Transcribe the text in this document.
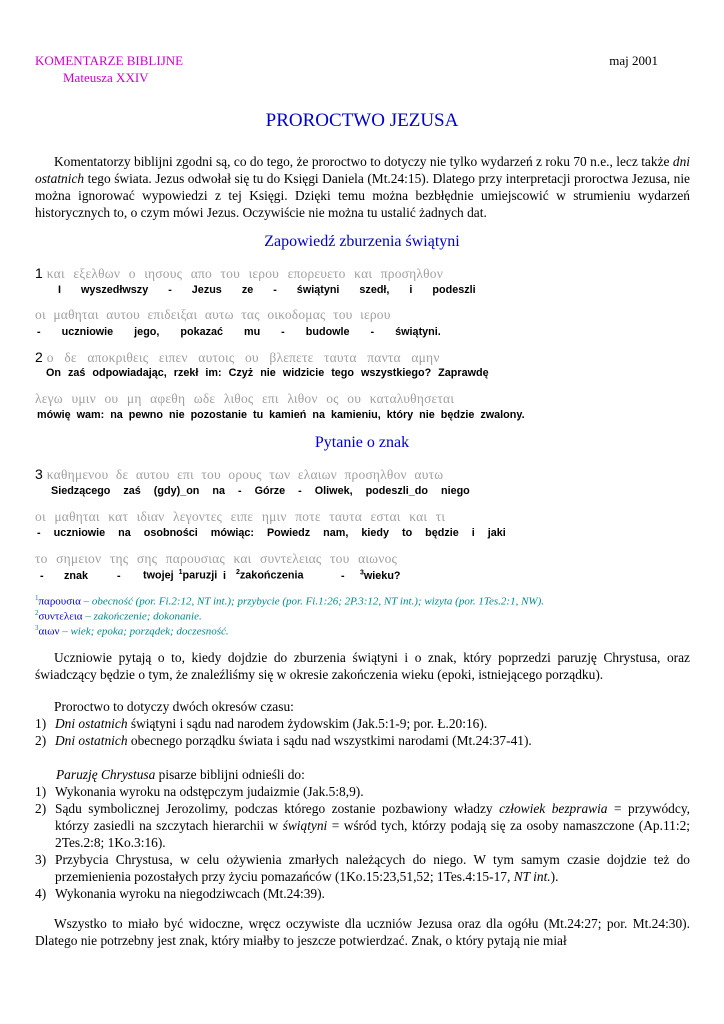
KOMENTARZE BIBLIJNE
Mateusza XXIV
maj 2001
PROROCTWO JEZUSA

Komentatorzy biblijni zgodni są, co do tego, że proroctwo to dotyczy nie tylko wydarzeń z roku 70 n.e., lecz także dni ostatnich tego świata. Jezus odwołał się tu do Księgi Daniela (Mt.24:15). Dlatego przy interpretacji proroctwa Jezusa, nie można ignorować wypowiedzi z tej Księgi. Dzięki temu można bezbłędnie umiejscowić w strumieniu wydarzeń historycznych to, o czym mówi Jezus. Oczywiście nie można tu ustalić żadnych dat.

Zapowiedź zburzenia świątyni
1 και εξελθων ο ιησους απο του ιερου επορευετο και προσηλθον
I wyszedłwszy - Jezus ze - świątyni szedł, i podeszli
οι μαθηται αυτου επιδειξαι αυτω τας οικοδομας του ιερου
- uczniowie jego, pokazać mu - budowle - świątyni.
2 ο δε αποκριθεις ειπεν αυτοις ου βλεπετε ταυτα παντα αμην
On zaś odpowiadając, rzekł im: Czyż nie widzicie tego wszystkiego? Zaprawdę
λεγω υμιν ου μη αφεθη ωδε λιθος επι λιθον ος ου καταλυθησεται
mówię wam: na pewno nie pozostanie tu kamień na kamieniu, który nie będzie zwalony.
Pytanie o znak
3 καθημενου δε αυτου επι του ορους των ελαιων προσηλθον αυτω
Siedzącego zaś (gdy)_on na - Górze - Oliwek, podeszli_do niego
οι μαθηται κατ ιδιαν λεγοντες ειπε ημιν ποτε ταυτα εσται και τι
- uczniowie na osobności mówiąc: Powiedz nam, kiedy to będzie i jaki
το σημειον της σης παρουσιας και συντελειας του αιωνος
- znak	- twojej $^1$paruzji i $^2$zakończenia	- $^3$wieku?
$^1$παρουσια – obecność (por. Fi.2:12, NT int.); przybycie (por. Fi.1:26; 2P.3:12, NT int.); wizyta (por. 1Tes.2:1, NW).
$^2$συντελεια – zakończenie; dokonanie.
$^3$αιων – wiek; epoka; porządek; doczesność.

Uczniowie pytają o to, kiedy dojdzie do zburzenia świątyni i o znak, który poprzedzi paruzję Chrystusa, oraz świadczący będzie o tym, że znaleźliśmy się w okresie zakończenia wieku (epoki, istniejącego porządku).

Proroctwo to dotyczy dwóch okresów czasu:
1) Dni ostatnich świątyni i sądu nad narodem żydowskim (Jak.5:1-9; por. Ł.20:16).
2) Dni ostatnich obecnego porządku świata i sądu nad wszystkimi narodami (Mt.24:37-41).
Paruzję Chrystusa pisarze biblijni odnieśli do:
1) Wykonania wyroku na odstępczym judaizmie (Jak.5:8,9).
2) Sądu symbolicznej Jerozolimy, podczas którego zostanie pozbawiony władzy człowiek bezprawia = przywódcy, którzy zasiedli na szczytach hierarchii w świątyni = wśród tych, którzy podają się za osoby namaszczone (Ap.11:2; 2Tes.2:8; 1Ko.3:16).
3) Przybycia Chrystusa, w celu ożywienia zmarłych należących do niego. W tym samym czasie dojdzie też do przemienienia pozostałych przy życiu pomazańców (1Ko.15:23,51,52; 1Tes.4:15-17, NT int.).
4) Wykonania wyroku na niegodziwcach (Mt.24:39).

Wszystko to miało być widoczne, wręcz oczywiste dla uczniów Jezusa oraz dla ogółu (Mt.24:27; por. Mt.24:30). Dlatego nie potrzebny jest znak, który miałby to jeszcze potwierdzać. Znak, o który pytają nie miał
